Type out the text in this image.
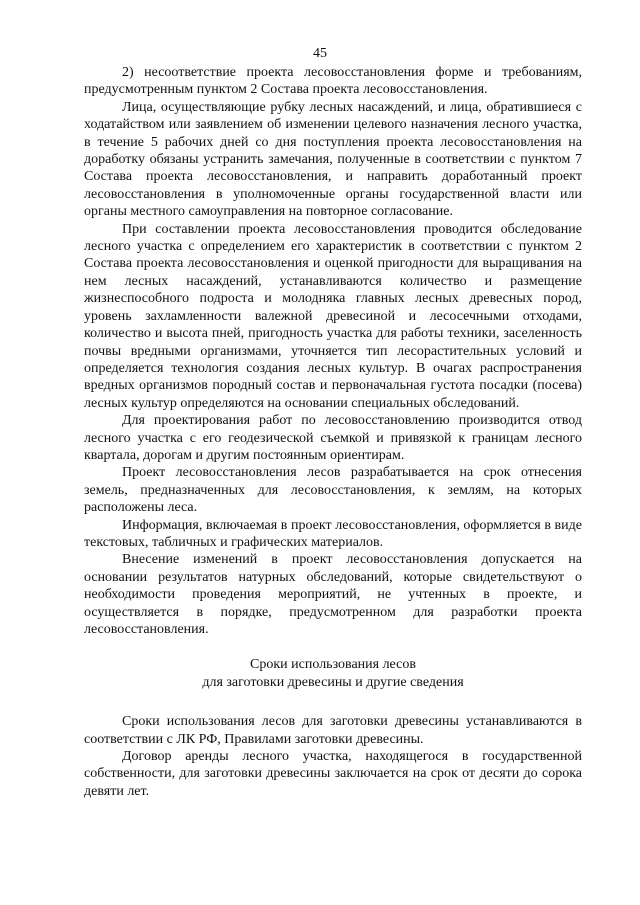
45

2) несоответствие проекта лесовосстановления форме и требованиям, предусмотренным пунктом 2 Состава проекта лесовосстановления.

Лица, осуществляющие рубку лесных насаждений, и лица, обратившиеся с ходатайством или заявлением об изменении целевого назначения лесного участка, в течение 5 рабочих дней со дня поступления проекта лесовосстановления на доработку обязаны устранить замечания, полученные в соответствии с пунктом 7 Состава проекта лесовосстановления, и направить доработанный проект лесовосстановления в уполномоченные органы государственной власти или органы местного самоуправления на повторное согласование.

При составлении проекта лесовосстановления проводится обследование лесного участка с определением его характеристик в соответствии с пунктом 2 Состава проекта лесовосстановления и оценкой пригодности для выращивания на нем лесных насаждений, устанавливаются количество и размещение жизнеспособного подроста и молодняка главных лесных древесных пород, уровень захламленности валежной древесиной и лесосечными отходами, количество и высота пней, пригодность участка для работы техники, заселенность почвы вредными организмами, уточняется тип лесорастительных условий и определяется технология создания лесных культур. В очагах распространения вредных организмов породный состав и первоначальная густота посадки (посева) лесных культур определяются на основании специальных обследований.

Для проектирования работ по лесовосстановлению производится отвод лесного участка с его геодезической съемкой и привязкой к границам лесного квартала, дорогам и другим постоянным ориентирам.

Проект лесовосстановления лесов разрабатывается на срок отнесения земель, предназначенных для лесовосстановления, к землям, на которых расположены леса.

Информация, включаемая в проект лесовосстановления, оформляется в виде текстовых, табличных и графических материалов.

Внесение изменений в проект лесовосстановления допускается на основании результатов натурных обследований, которые свидетельствуют о необходимости проведения мероприятий, не учтенных в проекте, и осуществляется в порядке, предусмотренном для разработки проекта лесовосстановления.

Сроки использования лесов
для заготовки древесины и другие сведения

Сроки использования лесов для заготовки древесины устанавливаются в соответствии с ЛК РФ, Правилами заготовки древесины.

Договор аренды лесного участка, находящегося в государственной собственности, для заготовки древесины заключается на срок от десяти до сорока девяти лет.
